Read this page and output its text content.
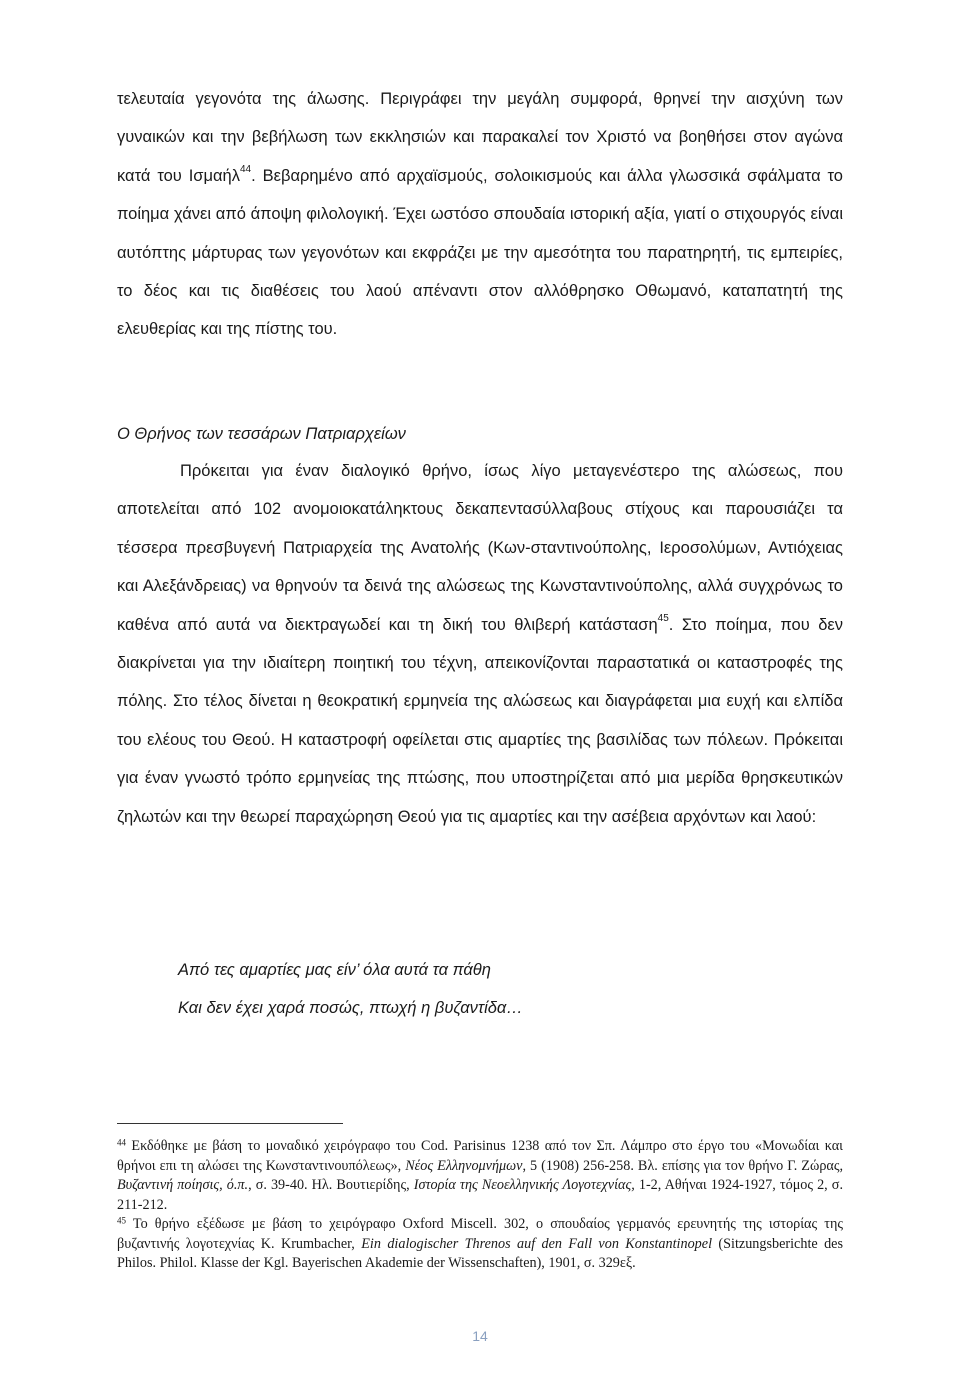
τελευταία γεγονότα της άλωσης. Περιγράφει την μεγάλη συμφορά, θρηνεί την αισχύνη των γυναικών και την βεβήλωση των εκκλησιών και παρακαλεί τον Χριστό να βοηθήσει στον αγώνα κατά του Ισμαήλ$^{44}$. Βεβαρημένο από αρχαϊσμούς, σολοικισμούς και άλλα γλωσσικά σφάλματα το ποίημα χάνει από άποψη φιλολογική. Έχει ωστόσο σπουδαία ιστορική αξία, γιατί ο στιχουργός είναι αυτόπτης μάρτυρας των γεγονότων και εκφράζει με την αμεσότητα του παρατηρητή, τις εμπειρίες, το δέος και τις διαθέσεις του λαού απέναντι στον αλλόθρησκο Οθωμανό, καταπατητή της ελευθερίας και της πίστης του.

Ο Θρήνος των τεσσάρων Πατριαρχείων

Πρόκειται για έναν διαλογικό θρήνο, ίσως λίγο μεταγενέστερο της αλώσεως, που αποτελείται από 102 ανομοιοκατάληκτους δεκαπεντασύλλαβους στίχους και παρουσιάζει τα τέσσερα πρεσβυγενή Πατριαρχεία της Ανατολής (Κων-σταντινούπολης, Ιεροσολύμων, Αντιόχειας και Αλεξάνδρειας) να θρηνούν τα δεινά της αλώσεως της Κωνσταντινούπολης, αλλά συγχρόνως το καθένα από αυτά να διεκτραγωδεί και τη δική του θλιβερή κατάσταση$^{45}$. Στο ποίημα, που δεν διακρίνεται για την ιδιαίτερη ποιητική του τέχνη, απεικονίζονται παραστατικά οι καταστροφές της πόλης. Στο τέλος δίνεται η θεοκρατική ερμηνεία της αλώσεως και διαγράφεται μια ευχή και ελπίδα του ελέους του Θεού. Η καταστροφή οφείλεται στις αμαρτίες της βασιλίδας των πόλεων. Πρόκειται για έναν γνωστό τρόπο ερμηνείας της πτώσης, που υποστηρίζεται από μια μερίδα θρησκευτικών ζηλωτών και την θεωρεί παραχώρηση Θεού για τις αμαρτίες και την ασέβεια αρχόντων και λαού:

Από τες αμαρτίες μας είν’ όλα αυτά τα πάθη
Και δεν έχει χαρά ποσώς, πτωχή η βυζαντίδα…

$^{44}$ Εκδόθηκε με βάση το μοναδικό χειρόγραφο του Cod. Parisinus 1238 από τον Σπ. Λάμπρο στο έργο του «Μονωδίαι και θρήνοι επι τη αλώσει της Κωνσταντινουπόλεως», Νέος Ελληνομνήμων, 5 (1908) 256-258. Βλ. επίσης για τον θρήνο Γ. Ζώρας, Βυζαντινή ποίησις, ό.π., σ. 39-40. Ηλ. Βουτιερίδης, Ιστορία της Νεοελληνικής Λογοτεχνίας, 1-2, Αθήναι 1924-1927, τόμος 2, σ. 211-212.

$^{45}$ Το θρήνο εξέδωσε με βάση το χειρόγραφο Oxford Miscell. 302, ο σπουδαίος γερμανός ερευνητής της ιστορίας της βυζαντινής λογοτεχνίας K. Krumbacher, Ein dialogischer Threnos auf den Fall von Konstantinopel (Sitzungsberichte des Philos. Philol. Klasse der Kgl. Bayerischen Akademie der Wissenschaften), 1901, σ. 329εξ.

14
